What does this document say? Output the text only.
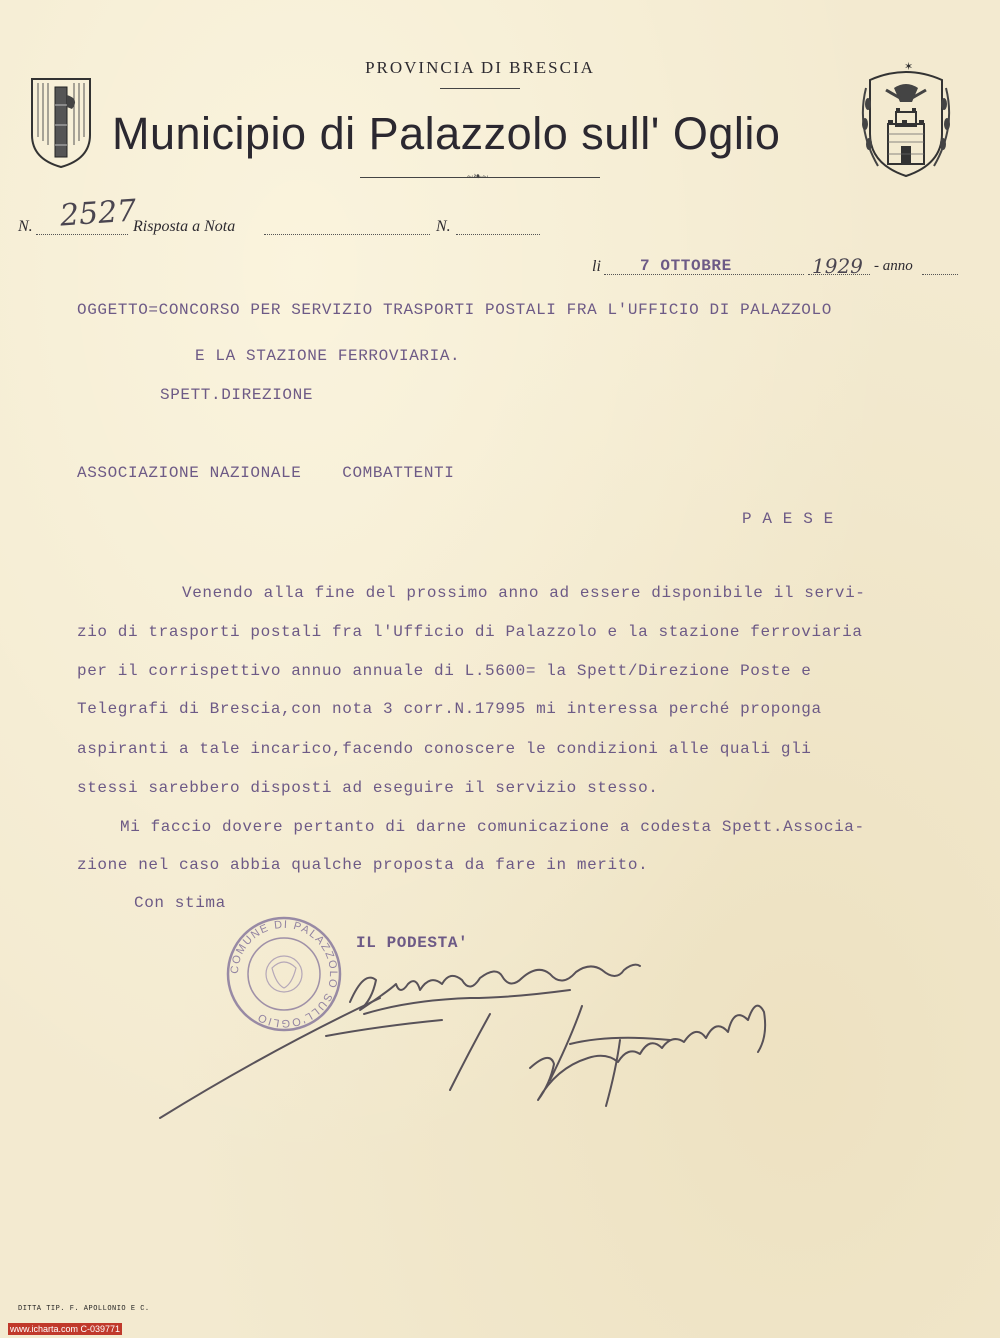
PROVINCIA DI BRESCIA
Municipio di Palazzolo sull' Oglio
~❧~
✶
N. 2527
Risposta a Nota	N.
li 7 OTTOBRE	1929 - anno
OGGETTO=CONCORSO PER SERVIZIO TRASPORTI POSTALI FRA L'UFFICIO DI PALAZZOLO
E LA STAZIONE FERROVIARIA.
SPETT.DIREZIONE
ASSOCIAZIONE NAZIONALE    COMBATTENTI
P A E S E
Venendo alla fine del prossimo anno ad essere disponibile il servi-
zio di trasporti postali fra l'Ufficio di Palazzolo e la stazione ferroviaria
per il corrispettivo annuo annuale di L.5600= la Spett/Direzione Poste e
Telegrafi di Brescia,con nota 3 corr.N.17995 mi interessa perché proponga
aspiranti a tale incarico,facendo conoscere le condizioni alle quali gli
stessi sarebbero disposti ad eseguire il servizio stesso.
Mi faccio dovere pertanto di darne comunicazione a codesta Spett.Associa-
zione nel caso abbia qualche proposta da fare in merito.
Con stima
IL PODESTA'
COMUNE DI PALAZZOLO SULL'OGLIO
DITTA TIP. F. APOLLONIO E C.
www.icharta.com C-039771
